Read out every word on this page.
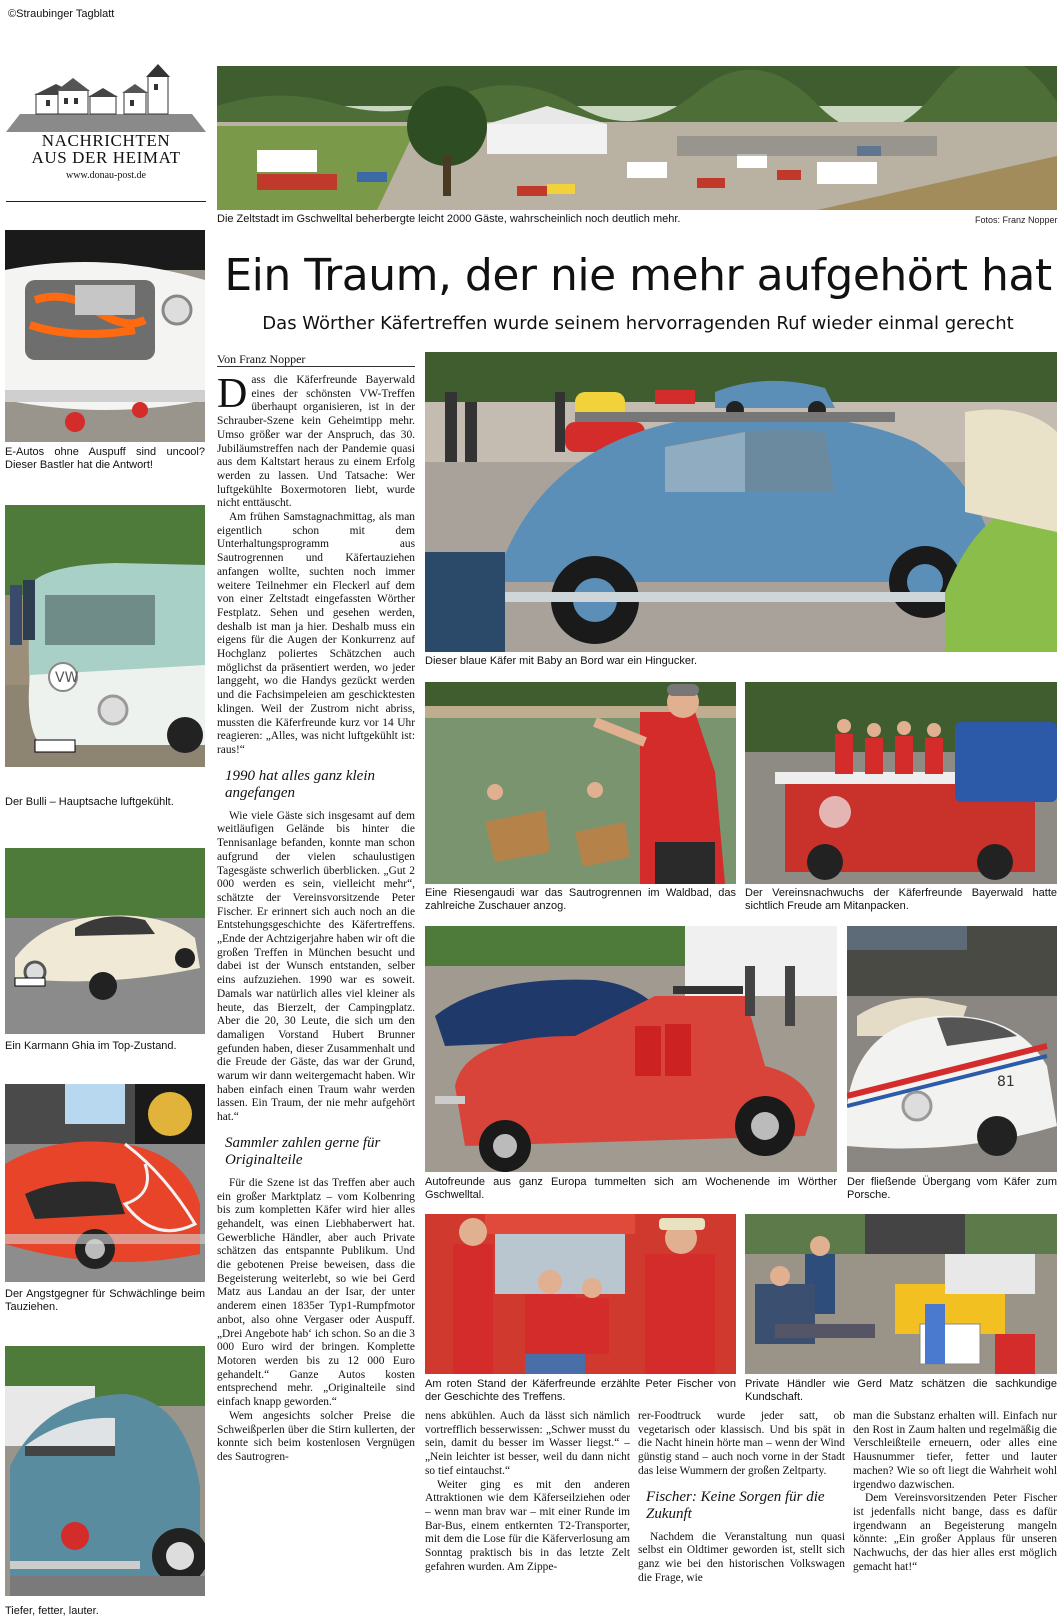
©Straubinger Tagblatt
NACHRICHTEN
AUS DER HEIMAT
www.donau-post.de
Die Zeltstadt im Gschwelltal beherbergte leicht 2000 Gäste, wahrscheinlich noch deutlich mehr.	Fotos: Franz Nopper
Ein Traum, der nie mehr aufgehört hat
Das Wörther Käfertreffen wurde seinem hervorragenden Ruf wieder einmal gerecht
E-Autos ohne Auspuff sind uncool? Dieser Bastler hat die Antwort!
VW
Der Bulli – Hauptsache luftgekühlt.
Ein Karmann Ghia im Top-Zustand.
Der Angstgegner für Schwächlinge beim Tauziehen.
Tiefer, fetter, lauter.
Von Franz Nopper

Dass die Käferfreunde Bayerwald eines der schönsten VW-Treffen überhaupt organisieren, ist in der Schrauber-Szene kein Geheimtipp mehr. Umso größer war der Anspruch, das 30. Jubiläumstreffen nach der Pandemie quasi aus dem Kaltstart heraus zu einem Erfolg werden zu lassen. Und Tatsache: Wer luftgekühlte Boxermotoren liebt, wurde nicht enttäuscht.

Am frühen Samstagnachmittag, als man eigentlich schon mit dem Unterhaltungsprogramm aus Sautrogrennen und Käfertauziehen anfangen wollte, suchten noch immer weitere Teilnehmer ein Fleckerl auf dem von einer Zeltstadt eingefassten Wörther Festplatz. Sehen und gesehen werden, deshalb ist man ja hier. Deshalb muss ein eigens für die Augen der Konkurrenz auf Hochglanz poliertes Schätzchen auch möglichst da präsentiert werden, wo jeder langgeht, wo die Handys gezückt werden und die Fachsimpeleien am geschicktesten klingen. Weil der Zustrom nicht abriss, mussten die Käferfreunde kurz vor 14 Uhr reagieren: „Alles, was nicht luftgekühlt ist: raus!“

1990 hat alles ganz klein angefangen

Wie viele Gäste sich insgesamt auf dem weitläufigen Gelände bis hinter die Tennisanlage befanden, konnte man schon aufgrund der vielen schaulustigen Tagesgäste schwerlich überblicken. „Gut 2 000 werden es sein, vielleicht mehr“, schätzte der Vereinsvorsitzende Peter Fischer. Er erinnert sich auch noch an die Entstehungsgeschichte des Käfertreffens. „Ende der Achtzigerjahre haben wir oft die großen Treffen in München besucht und dabei ist der Wunsch entstanden, selber eins aufzuziehen. 1990 war es soweit. Damals war natürlich alles viel kleiner als heute, das Bierzelt, der Campingplatz. Aber die 20, 30 Leute, die sich um den damaligen Vorstand Hubert Brunner gefunden haben, dieser Zusammenhalt und die Freude der Gäste, das war der Grund, warum wir dann weitergemacht haben. Wir haben einfach einen Traum wahr werden lassen. Ein Traum, der nie mehr aufgehört hat.“

Sammler zahlen gerne für Originalteile

Für die Szene ist das Treffen aber auch ein großer Marktplatz – vom Kolbenring bis zum kompletten Käfer wird hier alles gehandelt, was einen Liebhaberwert hat. Gewerbliche Händler, aber auch Private schätzen das entspannte Publikum. Und die gebotenen Preise beweisen, dass die Begeisterung weiterlebt, so wie bei Gerd Matz aus Landau an der Isar, der unter anderem einen 1835er Typ1-Rumpfmotor anbot, also ohne Vergaser oder Auspuff. „Drei Angebote hab‘ ich schon. So an die 3 000 Euro wird der bringen. Komplette Motoren werden bis zu 12 000 Euro gehandelt.“ Ganze Autos kosten entsprechend mehr. „Originalteile sind einfach knapp geworden.“

Wem angesichts solcher Preise die Schweißperlen über die Stirn kullerten, der konnte sich beim kostenlosen Vergnügen des Sautrogren-

Dieser blaue Käfer mit Baby an Bord war ein Hingucker.
Eine Riesengaudi war das Sautrogrennen im Waldbad, das zahlreiche Zuschauer anzog.
Der Vereinsnachwuchs der Käferfreunde Bayerwald hatte sichtlich Freude am Mitanpacken.
Autofreunde aus ganz Europa tummelten sich am Wochenende im Wörther Gschwelltal.
81
Der fließende Übergang vom Käfer zum Porsche.
Am roten Stand der Käferfreunde erzählte Peter Fischer von der Geschichte des Treffens.
Private Händler wie Gerd Matz schätzen die sachkundige Kundschaft.

nens abkühlen. Auch da lässt sich nämlich vortrefflich besserwissen: „Schwer musst du sein, damit du besser im Wasser liegst.“ – „Nein leichter ist besser, weil du dann nicht so tief eintauchst.“

Weiter ging es mit den anderen Attraktionen wie dem Käferseilziehen oder – wenn man brav war – mit einer Runde im Bar-Bus, einem entkernten T2-Transporter, mit dem die Lose für die Käferverlosung am Sonntag praktisch bis in das letzte Zelt gefahren wurden. Am Zippe-

rer-Foodtruck wurde jeder satt, ob vegetarisch oder klassisch. Und bis spät in die Nacht hinein hörte man – wenn der Wind günstig stand – auch noch vorne in der Stadt das leise Wummern der großen Zeltparty.

Fischer: Keine Sorgen für die Zukunft

Nachdem die Veranstaltung nun quasi selbst ein Oldtimer geworden ist, stellt sich ganz wie bei den historischen Volkswagen die Frage, wie

man die Substanz erhalten will. Einfach nur den Rost in Zaum halten und regelmäßig die Verschleißteile erneuern, oder alles eine Hausnummer tiefer, fetter und lauter machen? Wie so oft liegt die Wahrheit wohl irgendwo dazwischen.

Dem Vereinsvorsitzenden Peter Fischer ist jedenfalls nicht bange, dass es dafür irgendwann an Begeisterung mangeln könnte: „Ein großer Applaus für unseren Nachwuchs, der das hier alles erst möglich gemacht hat!“
